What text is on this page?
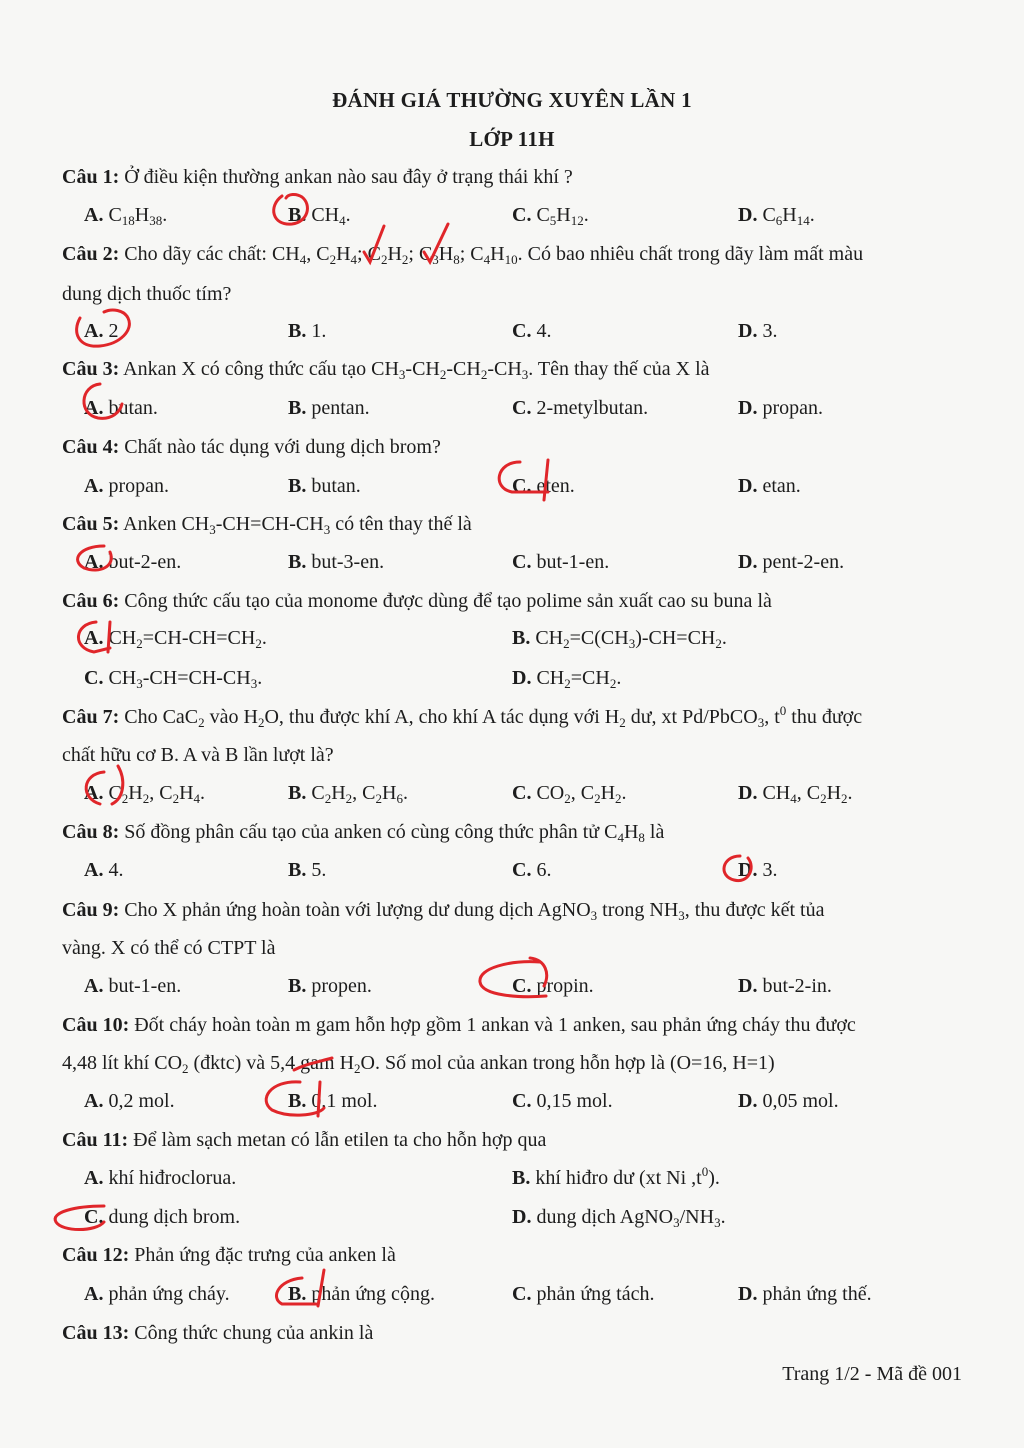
ĐÁNH GIÁ THƯỜNG XUYÊN LẦN 1
LỚP 11H
Câu 1: Ở điều kiện thường ankan nào sau đây ở trạng thái khí ?
A. $C_{18}H_{38}$.	B. $CH_4$.	C. $C_5H_{12}$.	D. $C_6H_{14}$.
Câu 2: Cho dãy các chất: $CH_4$, $C_2H_4$; $C_2H_2$; $C_3H_8$; $C_4H_{10}$. Có bao nhiêu chất trong dãy làm mất màu
dung dịch thuốc tím?
A. 2	B. 1.	C. 4.	D. 3.
Câu 3: Ankan X có công thức cấu tạo $CH_3-CH_2-CH_2-CH_3$. Tên thay thế của X là
A. butan.	B. pentan.	C. 2-metylbutan.	D. propan.
Câu 4: Chất nào tác dụng với dung dịch brom?
A. propan.	B. butan.	C. eten.	D. etan.
Câu 5: Anken $CH_3-CH=CH-CH_3$ có tên thay thế là
A. but-2-en.	B. but-3-en.	C. but-1-en.	D. pent-2-en.
Câu 6: Công thức cấu tạo của monome được dùng để tạo polime sản xuất cao su buna là
A. $CH_2=CH-CH=CH_2$.	B. $CH_2=C(CH_3)-CH=CH_2$.
C. $CH_3-CH=CH-CH_3$.	D. $CH_2=CH_2$.
Câu 7: Cho CaC$_2$ vào $H_2O$, thu được khí A, cho khí A tác dụng với $H_2$ dư, xt Pd/PbCO$_3$, $t^0$ thu được
chất hữu cơ B. A và B lần lượt là?
A. $C_2H_2$, $C_2H_4$.	B. $C_2H_2$, $C_2H_6$.	C. $CO_2$, $C_2H_2$.	D. $CH_4$, $C_2H_2$.
Câu 8: Số đồng phân cấu tạo của anken có cùng công thức phân tử $C_4H_8$ là
A. 4.	B. 5.	C. 6.	D. 3.
Câu 9: Cho X phản ứng hoàn toàn với lượng dư dung dịch AgNO$_3$ trong $NH_3$, thu được kết tủa
vàng. X có thể có CTPT là
A. but-1-en.	B. propen.	C. propin.	D. but-2-in.
Câu 10: Đốt cháy hoàn toàn m gam hỗn hợp gồm 1 ankan và 1 anken, sau phản ứng cháy thu được
4,48 lít khí $CO_2$ (đktc) và 5,4 gam $H_2O$. Số mol của ankan trong hỗn hợp là (O=16, H=1)
A. 0,2 mol.	B. 0,1 mol.	C. 0,15 mol.	D. 0,05 mol.
Câu 11: Để làm sạch metan có lẫn etilen ta cho hỗn hợp qua
A. khí hiđroclorua.	B. khí hiđro dư (xt Ni $,t^0$).
C. dung dịch brom.	D. dung dịch $AgNO_3/NH_3$.
Câu 12: Phản ứng đặc trưng của anken là
A. phản ứng cháy.	B. phản ứng cộng.	C. phản ứng tách.	D. phản ứng thế.
Câu 13: Công thức chung của ankin là
Trang 1/2 - Mã đề 001
